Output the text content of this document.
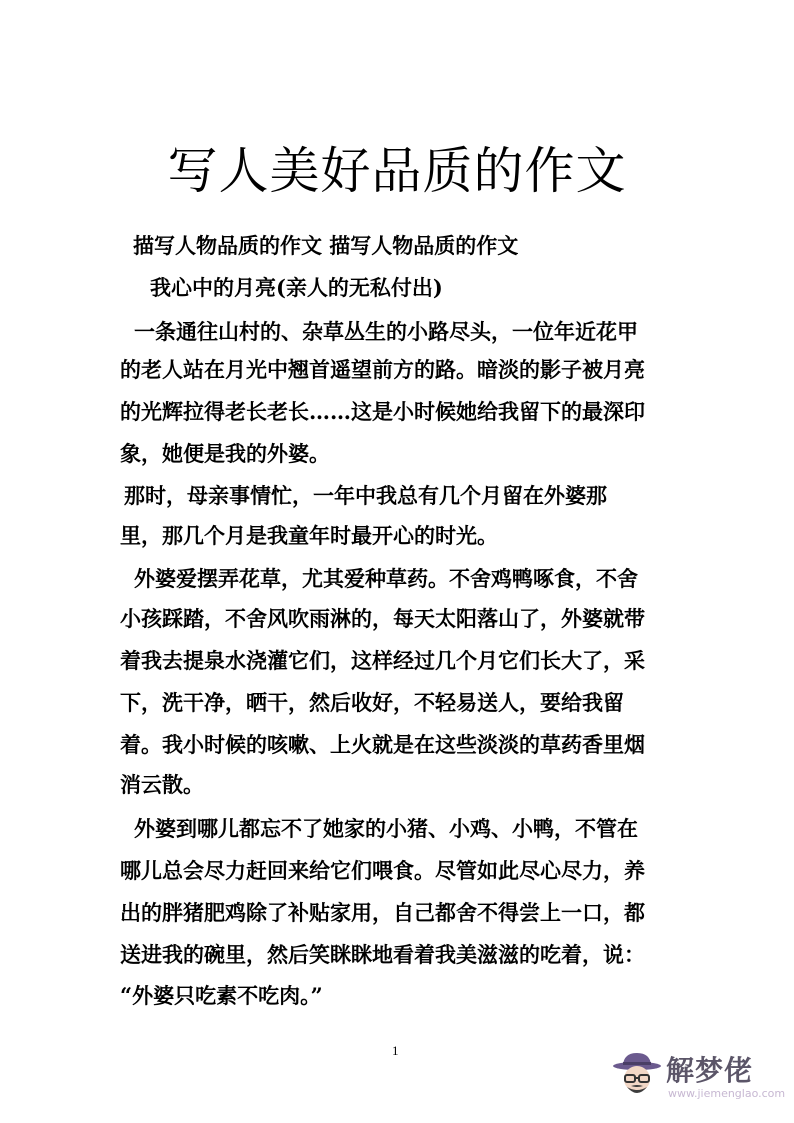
写人美好品质的作文

描写人物品质的作文 描写人物品质的作文

我心中的月亮(亲人的无私付出)

一条通往山村的、杂草丛生的小路尽头，一位年近花甲

的老人站在月光中翘首遥望前方的路。暗淡的影子被月亮

的光辉拉得老长老长……这是小时候她给我留下的最深印

象，她便是我的外婆。

那时，母亲事情忙，一年中我总有几个月留在外婆那

里，那几个月是我童年时最开心的时光。

外婆爱摆弄花草，尤其爱种草药。不舍鸡鸭啄食，不舍

小孩踩踏，不舍风吹雨淋的，每天太阳落山了，外婆就带

着我去提泉水浇灌它们，这样经过几个月它们长大了，采

下，洗干净，晒干，然后收好，不轻易送人，要给我留

着。我小时候的咳嗽、上火就是在这些淡淡的草药香里烟

消云散。

外婆到哪儿都忘不了她家的小猪、小鸡、小鸭，不管在

哪儿总会尽力赶回来给它们喂食。尽管如此尽心尽力，养

出的胖猪肥鸡除了补贴家用，自己都舍不得尝上一口，都

送进我的碗里，然后笑眯眯地看着我美滋滋的吃着，说：

“外婆只吃素不吃肉。”

1
解梦佬
www.jiemenglao.com
